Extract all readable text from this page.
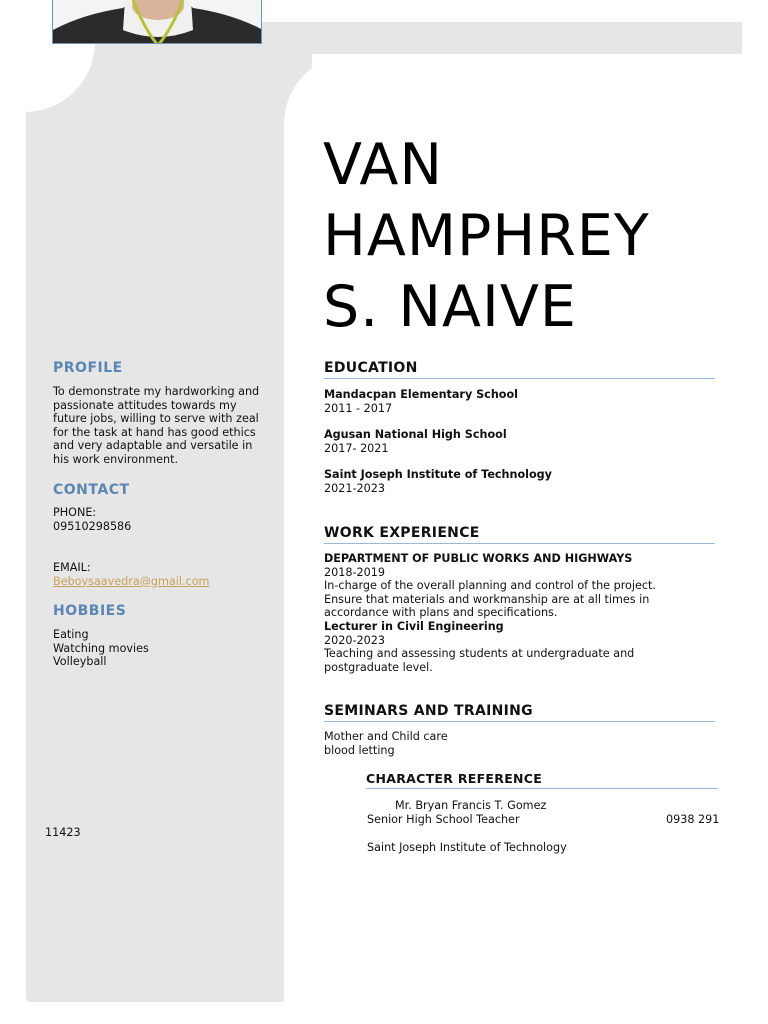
VAN
HAMPHREY
S. NAIVE
PROFILE
To demonstrate my hardworking and
passionate attitudes towards my
future jobs, willing to serve with zeal
for the task at hand has good ethics
and very adaptable and versatile in
his work environment.
CONTACT
PHONE:
09510298586
EMAIL:
Beboysaavedra@gmail.com
HOBBIES
Eating
Watching movies
Volleyball
11423
EDUCATION
Mandacpan Elementary School
2011 - 2017
Agusan National High School
2017- 2021
Saint Joseph Institute of Technology
2021-2023
WORK EXPERIENCE
DEPARTMENT OF PUBLIC WORKS AND HIGHWAYS
2018-2019
In-charge of the overall planning and control of the project.
Ensure that materials and workmanship are at all times in
accordance with plans and specifications.
Lecturer in Civil Engineering
2020-2023
Teaching and assessing students at undergraduate and
postgraduate level.
SEMINARS AND TRAINING
Mother and Child care
blood letting
CHARACTER REFERENCE
Mr. Bryan Francis T. Gomez
Senior High School Teacher	0938 291
Saint Joseph Institute of Technology
